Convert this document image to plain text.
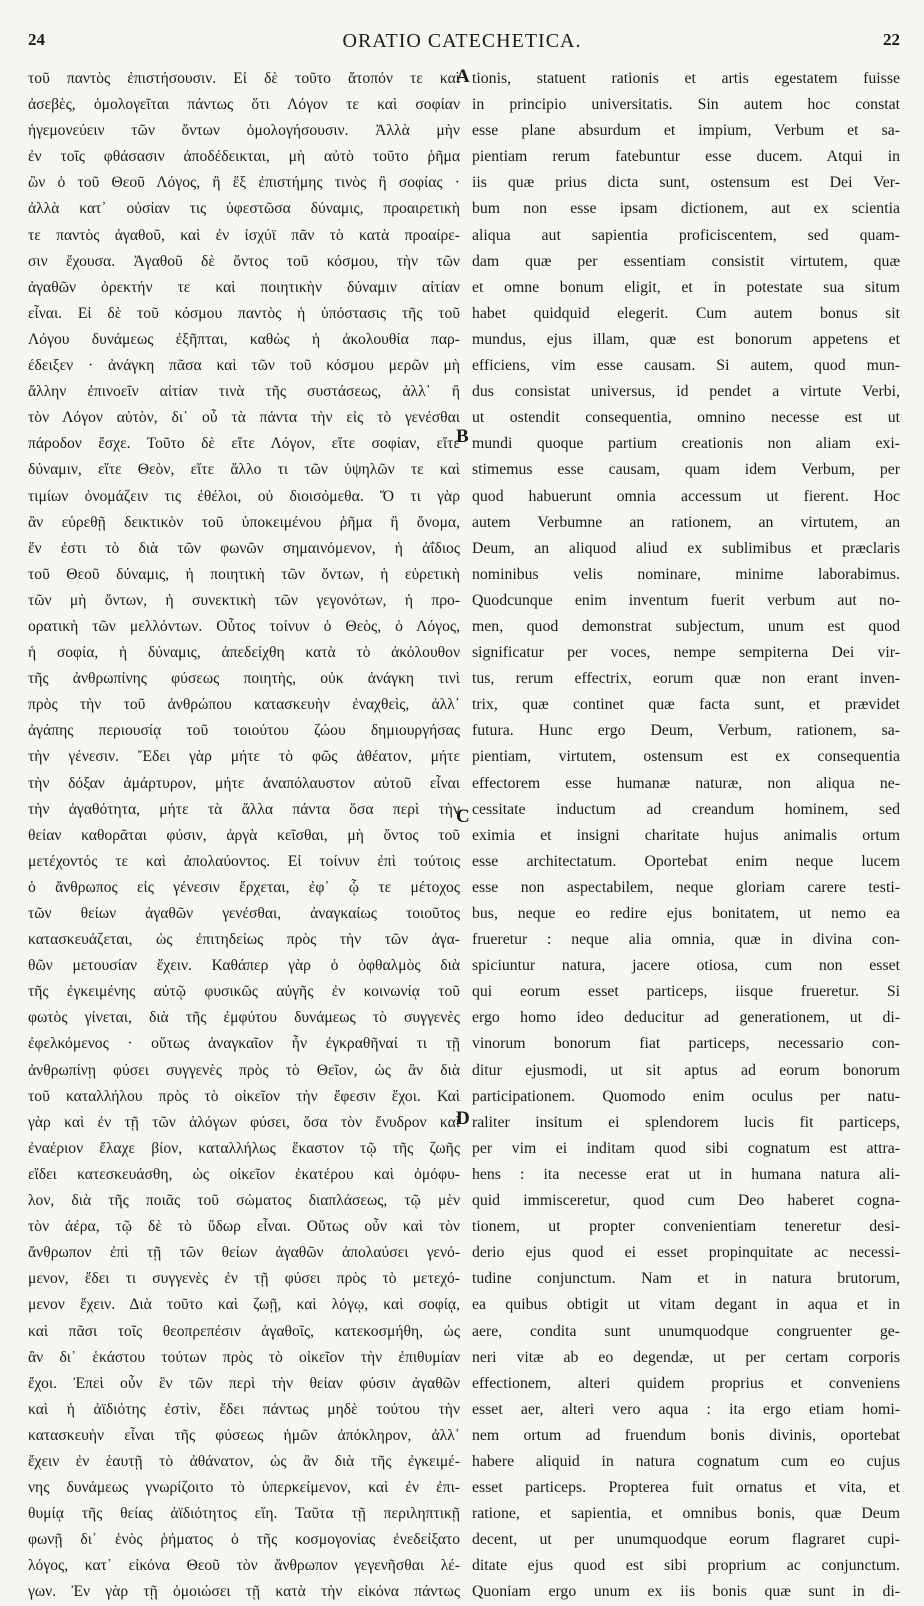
24	ORATIO CATECHETICA.	22
τοῦ παντὸς ἐπιστήσουσιν. Εἰ δὲ τοῦτο ἄτοπόν τε καὶ
ἀσεβὲς, ὁμολογεῖται πάντως ὅτι Λόγον τε καὶ σοφίαν
ἡγεμονεύειν τῶν ὄντων ὁμολογήσουσιν. Ἀλλὰ μὴν
ἐν τοῖς φθάσασιν ἀποδέδεικται, μὴ αὐτὸ τοῦτο ῥῆμα
ὢν ὁ τοῦ Θεοῦ Λόγος, ἢ ἕξ ἐπιστήμης τινὸς ἢ σοφίας ·
ἀλλὰ κατ᾽ οὐσίαν τις ὑφεστῶσα δύναμις, προαιρετικὴ
τε παντὸς ἀγαθοῦ, καὶ ἐν ἰσχύϊ πᾶν τὸ κατὰ προαίρε-
σιν ἔχουσα. Ἀγαθοῦ δὲ ὄντος τοῦ κόσμου, τὴν τῶν
ἀγαθῶν ὀρεκτήν τε καὶ ποιητικὴν δύναμιν αἰτίαν
εἶναι. Εἰ δὲ τοῦ κόσμου παντὸς ἡ ὑπόστασις τῆς τοῦ
Λόγου δυνάμεως ἐξῆπται, καθὼς ἡ ἀκολουθία παρ-
έδειξεν · ἀνάγκη πᾶσα καὶ τῶν τοῦ κόσμου μερῶν μὴ
ἄλλην ἐπινοεῖν αἰτίαν τινὰ τῆς συστάσεως, ἀλλ᾽ ἢ
τὸν Λόγον αὐτὸν, δι᾽ οὗ τὰ πάντα τὴν εἰς τὸ γενέσθαι
πάροδον ἔσχε. Τοῦτο δὲ εἴτε Λόγον, εἴτε σοφίαν, εἴτε
δύναμιν, εἴτε Θεὸν, εἴτε ἄλλο τι τῶν ὑψηλῶν τε καὶ
τιμίων ὀνομάζειν τις ἐθέλοι, οὐ διοισόμεθα. Ὅ τι γὰρ
ἂν εὑρεθῇ δεικτικὸν τοῦ ὑποκειμένου ῥῆμα ἢ ὄνομα,
ἕν ἐστι τὸ διὰ τῶν φωνῶν σημαινόμενον, ἡ ἀΐδιος
τοῦ Θεοῦ δύναμις, ἡ ποιητικὴ τῶν ὄντων, ἡ εὑρετικὴ
τῶν μὴ ὄντων, ἡ συνεκτικὴ τῶν γεγονότων, ἡ προ-
ορατικὴ τῶν μελλόντων. Οὗτος τοίνυν ὁ Θεὸς, ὁ Λόγος,
ἡ σοφία, ἡ δύναμις, ἀπεδείχθη κατὰ τὸ ἀκόλουθον
τῆς ἀνθρωπίνης φύσεως ποιητὴς, οὐκ ἀνάγκη τινὶ
πρὸς τὴν τοῦ ἀνθρώπου κατασκευὴν ἐναχθεὶς, ἀλλ᾽
ἀγάπης περιουσίᾳ τοῦ τοιούτου ζώου δημιουργήσας
τὴν γένεσιν. Ἔδει γὰρ μήτε τὸ φῶς ἀθέατον, μήτε
τὴν δόξαν ἀμάρτυρον, μήτε ἀναπόλαυστον αὐτοῦ εἶναι
τὴν ἀγαθότητα, μήτε τὰ ἄλλα πάντα ὅσα περὶ τὴν
θείαν καθορᾶται φύσιν, ἀργὰ κεῖσθαι, μὴ ὄντος τοῦ
μετέχοντός τε καὶ ἀπολαύοντος. Εἰ τοίνυν ἐπὶ τούτοις
ὁ ἄνθρωπος εἰς γένεσιν ἔρχεται, ἐφ᾽ ᾧ τε μέτοχος
τῶν θείων ἀγαθῶν γενέσθαι, ἀναγκαίως τοιοῦτος
κατασκευάζεται, ὡς ἐπιτηδείως πρὸς τὴν τῶν ἀγα-
θῶν μετουσίαν ἔχειν. Καθάπερ γὰρ ὁ ὀφθαλμὸς διὰ
τῆς ἐγκειμένης αὐτῷ φυσικῶς αὐγῆς ἐν κοινωνίᾳ τοῦ
φωτὸς γίνεται, διὰ τῆς ἐμφύτου δυνάμεως τὸ συγγενὲς
ἐφελκόμενος · οὕτως ἀναγκαῖον ἦν ἐγκραθῆναί τι τῇ
ἀνθρωπίνῃ φύσει συγγενὲς πρὸς τὸ Θεῖον, ὡς ἂν διὰ
τοῦ καταλλήλου πρὸς τὸ οἰκεῖον τὴν ἔφεσιν ἔχοι. Καὶ
γὰρ καὶ ἐν τῇ τῶν ἀλόγων φύσει, ὅσα τὸν ἔνυδρον καὶ
ἐναέριον ἔλαχε βίον, καταλλήλως ἕκαστον τῷ τῆς ζωῆς
εἴδει κατεσκευάσθη, ὡς οἰκεῖον ἑκατέρου καὶ ὁμόφυ-
λον, διὰ τῆς ποιᾶς τοῦ σώματος διαπλάσεως, τῷ μὲν
τὸν ἀέρα, τῷ δὲ τὸ ὕδωρ εἶναι. Οὕτως οὖν καὶ τὸν
ἄνθρωπον ἐπὶ τῇ τῶν θείων ἀγαθῶν ἀπολαύσει γενό-
μενον, ἔδει τι συγγενὲς ἐν τῇ φύσει πρὸς τὸ μετεχό-
μενον ἔχειν. Διὰ τοῦτο καὶ ζωῇ, καὶ λόγῳ, καὶ σοφίᾳ,
καὶ πᾶσι τοῖς θεοπρεπέσιν ἀγαθοῖς, κατεκοσμήθη, ὡς
ἂν δι᾽ ἑκάστου τούτων πρὸς τὸ οἰκεῖον τὴν ἐπιθυμίαν
ἔχοι. Ἐπεὶ οὖν ἓν τῶν περὶ τὴν θείαν φύσιν ἀγαθῶν
καὶ ἡ ἀϊδιότης ἐστὶν, ἔδει πάντως μηδὲ τούτου τὴν
κατασκευὴν εἶναι τῆς φύσεως ἡμῶν ἀπόκληρον, ἀλλ᾽
ἔχειν ἐν ἑαυτῇ τὸ ἀθάνατον, ὡς ἂν διὰ τῆς ἐγκειμέ-
νης δυνάμεως γνωρίζοιτο τὸ ὑπερκείμενον, καὶ ἐν ἐπι-
θυμίᾳ τῆς θείας ἀϊδιότητος εἴη. Ταῦτα τῇ περιληπτικῇ
φωνῇ δι᾽ ἑνὸς ῥήματος ὁ τῆς κοσμογονίας ἐνεδείξατο
λόγος, κατ᾽ εἰκόνα Θεοῦ τὸν ἄνθρωπον γεγενῆσθαι λέ-
γων. Ἐν γὰρ τῇ ὁμοιώσει τῇ κατὰ τὴν εἰκόνα πάντως
A
B
C
D
tionis, statuent rationis et artis egestatem fuisse
in principio universitatis. Sin autem hoc constat
esse plane absurdum et impium, Verbum et sa-
pientiam rerum fatebuntur esse ducem. Atqui in
iis quæ prius dicta sunt, ostensum est Dei Ver-
bum non esse ipsam dictionem, aut ex scientia
aliqua aut sapientia proficiscentem, sed quam-
dam quæ per essentiam consistit virtutem, quæ
et omne bonum eligit, et in potestate sua situm
habet quidquid elegerit. Cum autem bonus sit
mundus, ejus illam, quæ est bonorum appetens et
efficiens, vim esse causam. Si autem, quod mun-
dus consistat universus, id pendet a virtute Verbi,
ut ostendit consequentia, omnino necesse est ut
mundi quoque partium creationis non aliam exi-
stimemus esse causam, quam idem Verbum, per
quod habuerunt omnia accessum ut fierent. Hoc
autem Verbumne an rationem, an virtutem, an
Deum, an aliquod aliud ex sublimibus et præclaris
nominibus velis nominare, minime laborabimus.
Quodcunque enim inventum fuerit verbum aut no-
men, quod demonstrat subjectum, unum est quod
significatur per voces, nempe sempiterna Dei vir-
tus, rerum effectrix, eorum quæ non erant inven-
trix, quæ continet quæ facta sunt, et prævidet
futura. Hunc ergo Deum, Verbum, rationem, sa-
pientiam, virtutem, ostensum est ex consequentia
effectorem esse humanæ naturæ, non aliqua ne-
cessitate inductum ad creandum hominem, sed
eximia et insigni charitate hujus animalis ortum
esse architectatum. Oportebat enim neque lucem
esse non aspectabilem, neque gloriam carere testi-
bus, neque eo redire ejus bonitatem, ut nemo ea
frueretur : neque alia omnia, quæ in divina con-
spiciuntur natura, jacere otiosa, cum non esset
qui eorum esset particeps, iisque frueretur. Si
ergo homo ideo deducitur ad generationem, ut di-
vinorum bonorum fiat particeps, necessario con-
ditur ejusmodi, ut sit aptus ad eorum bonorum
participationem. Quomodo enim oculus per natu-
raliter insitum ei splendorem lucis fit particeps,
per vim ei inditam quod sibi cognatum est attra-
hens : ita necesse erat ut in humana natura ali-
quid immisceretur, quod cum Deo haberet cogna-
tionem, ut propter convenientiam teneretur desi-
derio ejus quod ei esset propinquitate ac necessi-
tudine conjunctum. Nam et in natura brutorum,
ea quibus obtigit ut vitam degant in aqua et in
aere, condita sunt unumquodque congruenter ge-
neri vitæ ab eo degendæ, ut per certam corporis
effectionem, alteri quidem proprius et conveniens
esset aer, alteri vero aqua : ita ergo etiam homi-
nem ortum ad fruendum bonis divinis, oportebat
habere aliquid in natura cognatum cum eo cujus
esset particeps. Propterea fuit ornatus et vita, et
ratione, et sapientia, et omnibus bonis, quæ Deum
decent, ut per unumquodque eorum flagraret cupi-
ditate ejus quod est sibi proprium ac conjunctum.
Quoniam ergo unum ex iis bonis quæ sunt in di-
